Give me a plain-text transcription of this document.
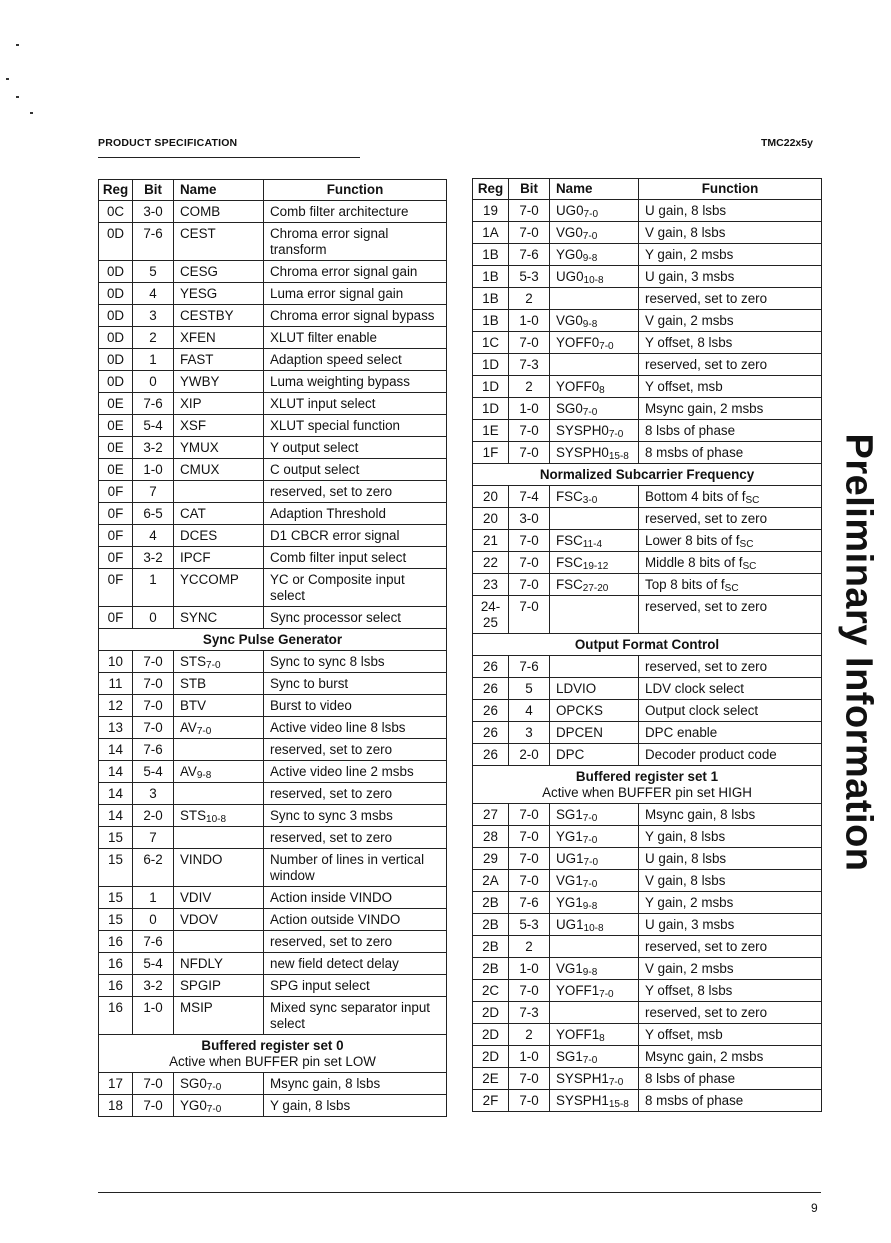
PRODUCT SPECIFICATION	TMC22x5y
Reg	Bit	Name	Function
0C	3-0	COMB	Comb filter architecture
0D	7-6	CEST	Chroma error signal transform
0D	5	CESG	Chroma error signal gain
0D	4	YESG	Luma error signal gain
0D	3	CESTBY	Chroma error signal bypass
0D	2	XFEN	XLUT filter enable
0D	1	FAST	Adaption speed select
0D	0	YWBY	Luma weighting bypass
0E	7-6	XIP	XLUT input select
0E	5-4	XSF	XLUT special function
0E	3-2	YMUX	Y output select
0E	1-0	CMUX	C output select
0F	7		reserved, set to zero
0F	6-5	CAT	Adaption Threshold
0F	4	DCES	D1 CBCR error signal
0F	3-2	IPCF	Comb filter input select
0F	1	YCCOMP	YC or Composite input select
0F	0	SYNC	Sync processor select
Sync Pulse Generator			
10	7-0	$STS_{7-0}$	Sync to sync 8 lsbs
11	7-0	STB	Sync to burst
12	7-0	BTV	Burst to video
13	7-0	$AV_{7-0}$	Active video line 8 lsbs
14	7-6		reserved, set to zero
14	5-4	$AV_{9-8}$	Active video line 2 msbs
14	3		reserved, set to zero
14	2-0	$STS_{10-8}$	Sync to sync 3 msbs
15	7		reserved, set to zero
15	6-2	VINDO	Number of lines in vertical window
15	1	VDIV	Action inside VINDO
15	0	VDOV	Action outside VINDO
16	7-6		reserved, set to zero
16	5-4	NFDLY	new field detect delay
16	3-2	SPGIP	SPG input select
16	1-0	MSIP	Mixed sync separator input select
Buffered register set 0
Active when BUFFER pin set LOW			

17	7-0	$SG0_{7-0}$	Msync gain, 8 lsbs
18	7-0	$YG0_{7-0}$	Y gain, 8 lsbs
Reg	Bit	Name	Function
19	7-0	$UG0_{7-0}$	U gain, 8 lsbs
1A	7-0	$VG0_{7-0}$	V gain, 8 lsbs
1B	7-6	$YG0_{9-8}$	Y gain, 2 msbs
1B	5-3	$UG0_{10-8}$	U gain, 3 msbs
1B	2		reserved, set to zero
1B	1-0	$VG0_{9-8}$	V gain, 2 msbs
1C	7-0	$YOFF0_{7-0}$	Y offset, 8 lsbs
1D	7-3		reserved, set to zero
1D	2	$YOFF0_8$	Y offset, msb
1D	1-0	$SG0_{7-0}$	Msync gain, 2 msbs
1E	7-0	$SYSPH0_{7-0}$	8 lsbs of phase
1F	7-0	$SYSPH0_{15-8}$	8 msbs of phase
Normalized Subcarrier Frequency			
20	7-4	$FSC_{3-0}$	Bottom 4 bits of $f_{SC}$
20	3-0		reserved, set to zero
21	7-0	$FSC_{11-4}$	Lower 8 bits of $f_{SC}$
22	7-0	$FSC_{19-12}$	Middle 8 bits of $f_{SC}$
23	7-0	$FSC_{27-20}$	Top 8 bits of $f_{SC}$
24-25	7-0		reserved, set to zero
Output Format Control			
26	7-6		reserved, set to zero
26	5	LDVIO	LDV clock select
26	4	OPCKS	Output clock select
26	3	DPCEN	DPC enable
26	2-0	DPC	Decoder product code
Buffered register set 1
Active when BUFFER pin set HIGH			

27	7-0	$SG1_{7-0}$	Msync gain, 8 lsbs
28	7-0	$YG1_{7-0}$	Y gain, 8 lsbs
29	7-0	$UG1_{7-0}$	U gain, 8 lsbs
2A	7-0	$VG1_{7-0}$	V gain, 8 lsbs
2B	7-6	$YG1_{9-8}$	Y gain, 2 msbs
2B	5-3	$UG1_{10-8}$	U gain, 3 msbs
2B	2		reserved, set to zero
2B	1-0	$VG1_{9-8}$	V gain, 2 msbs
2C	7-0	$YOFF1_{7-0}$	Y offset, 8 lsbs
2D	7-3		reserved, set to zero
2D	2	$YOFF1_8$	Y offset, msb
2D	1-0	$SG1_{7-0}$	Msync gain, 2 msbs
2E	7-0	$SYSPH1_{7-0}$	8 lsbs of phase
2F	7-0	$SYSPH1_{15-8}$	8 msbs of phase
Preliminary Information
9
